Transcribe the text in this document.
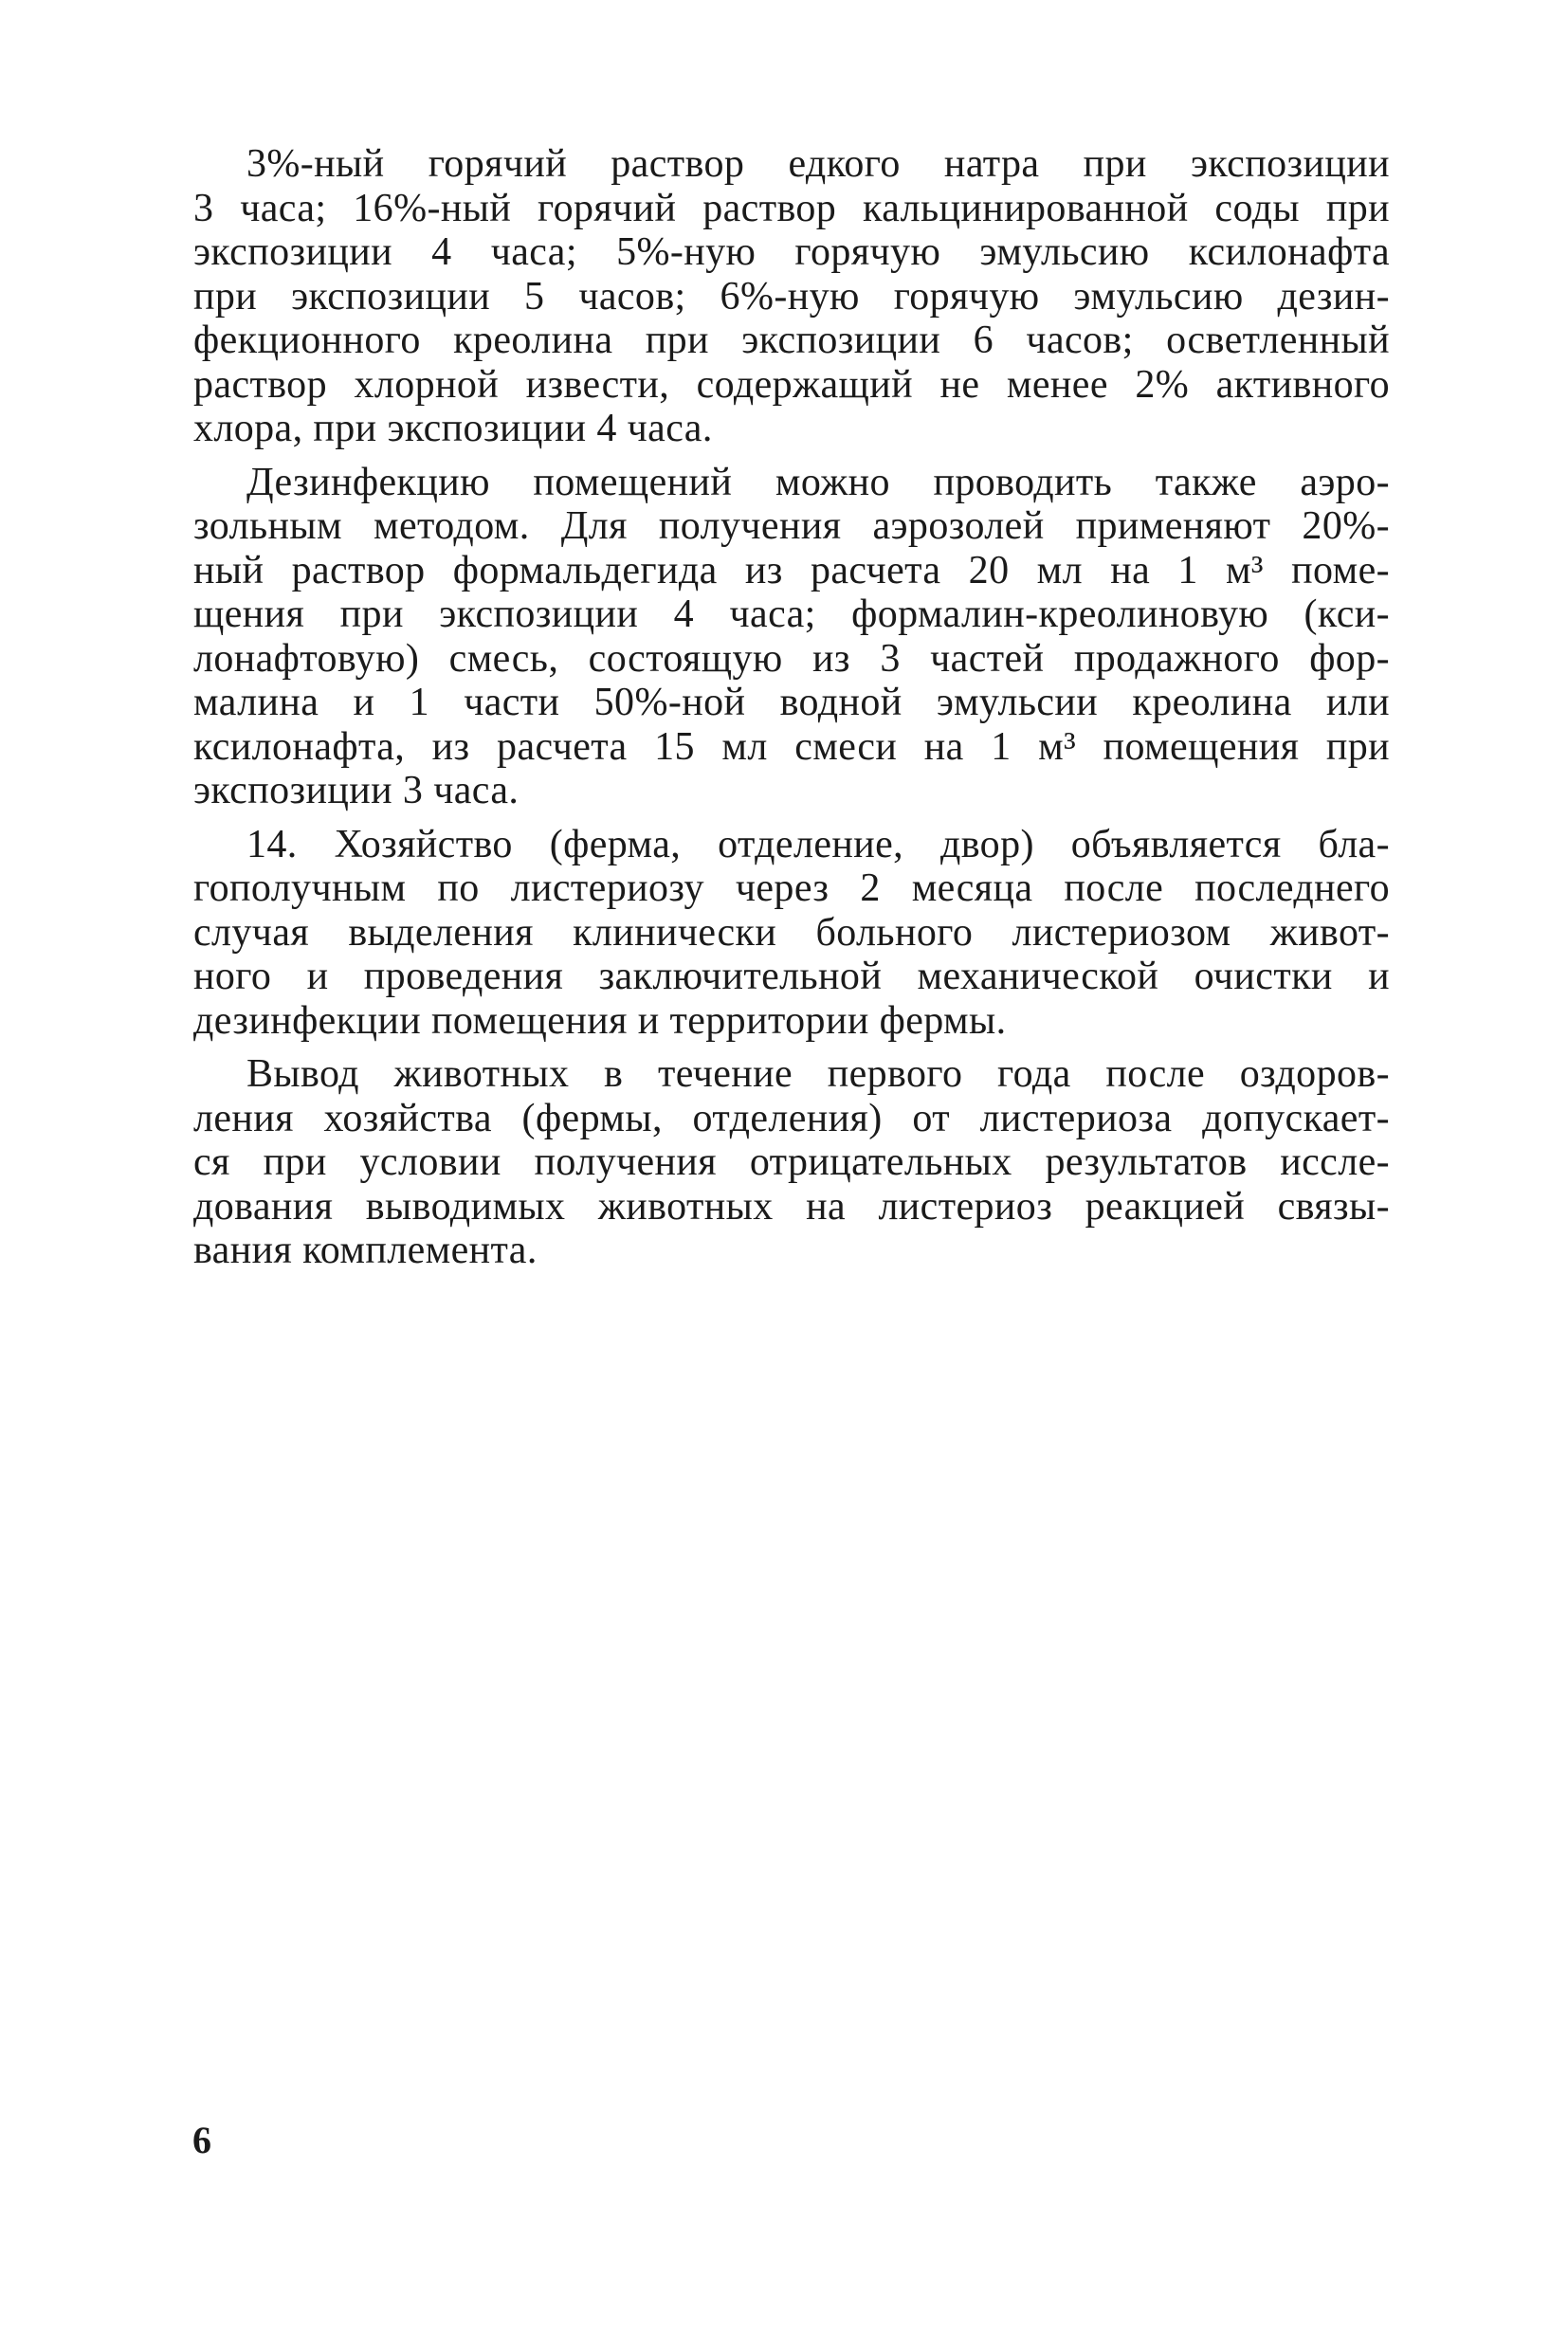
3%-ный горячий раствор едкого натра при экспозиции
3 часа; 16%-ный горячий раствор кальцинированной соды при
экспозиции 4 часа; 5%-ную горячую эмульсию ксилонафта
при экспозиции 5 часов; 6%-ную горячую эмульсию дезин-
фекционного креолина при экспозиции 6 часов; осветленный
раствор хлорной извести, содержащий не менее 2% активного
хлора, при экспозиции 4 часа.

Дезинфекцию помещений можно проводить также аэро-
зольным методом. Для получения аэрозолей применяют 20%-
ный раствор формальдегида из расчета 20 мл на 1 м³ поме-
щения при экспозиции 4 часа; формалин-креолиновую (кси-
лонафтовую) смесь, состоящую из 3 частей продажного фор-
малина и 1 части 50%-ной водной эмульсии креолина или
ксилонафта, из расчета 15 мл смеси на 1 м³ помещения при
экспозиции 3 часа.

14. Хозяйство (ферма, отделение, двор) объявляется бла-
гополучным по листериозу через 2 месяца после последнего
случая выделения клинически больного листериозом живот-
ного и проведения заключительной механической очистки и
дезинфекции помещения и территории фермы.

Вывод животных в течение первого года после оздоров-
ления хозяйства (фермы, отделения) от листериоза допускает-
ся при условии получения отрицательных результатов иссле-
дования выводимых животных на листериоз реакцией связы-
вания комплемента.

6
